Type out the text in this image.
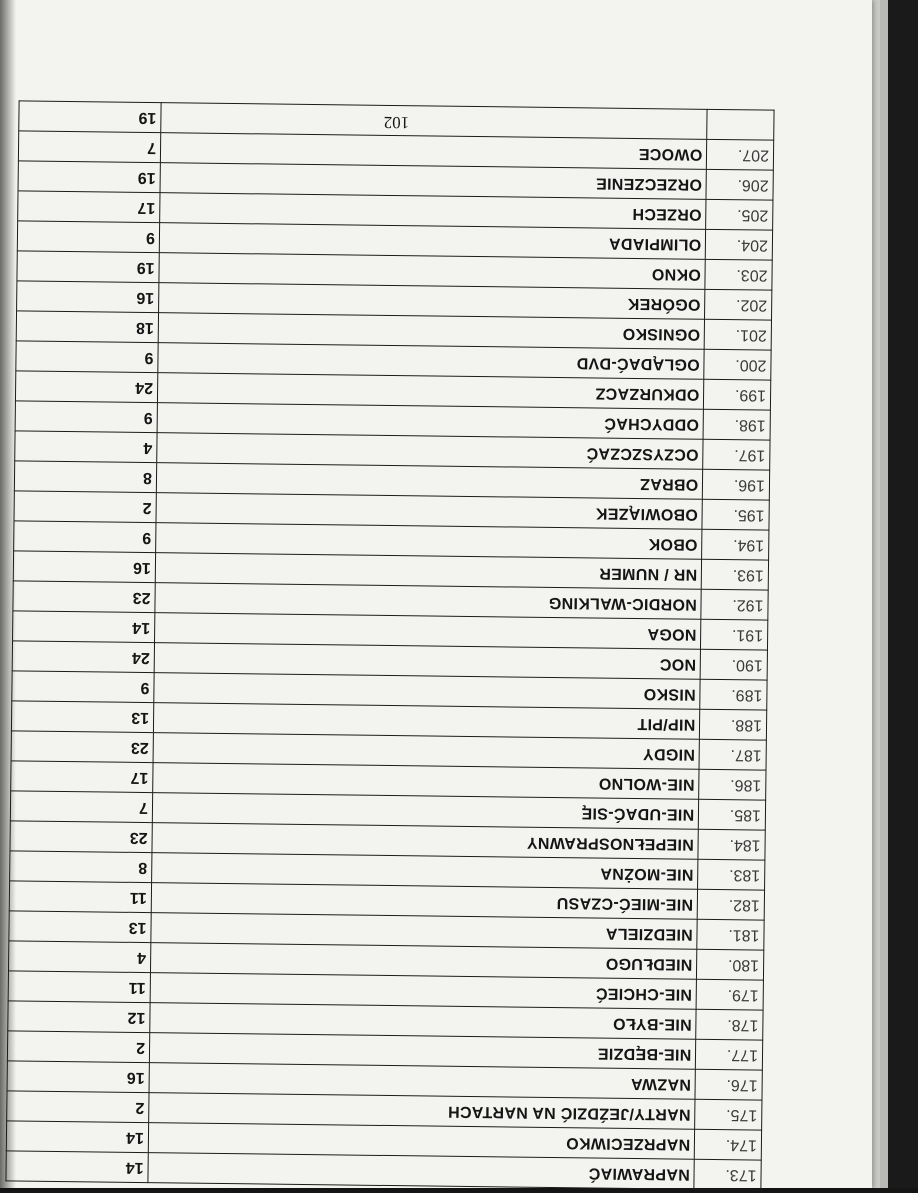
173.	NAPRAWIAĆ	14
174.	NAPRZECIWKO	14
175.	NARTY/JEŹDZIĆ NA NARTACH	2
176.	NAZWA	16
177.	NIE-BĘDZIE	2
178.	NIE-BYŁO	12
179.	NIE-CHCIEĆ	11
180.	NIEDŁUGO	4
181.	NIEDZIELA	13
182.	NIE-MIEĆ-CZASU	11
183.	NIE-MOŻNA	8
184.	NIEPEŁNOSPRAWNY	23
185.	NIE-UDAĆ-SIĘ	7
186.	NIE-WOLNO	17
187.	NIGDY	23
188.	NIP/PIT	13
189.	NISKO	9
190.	NOC	24
191.	NOGA	14
192.	NORDIC-WALKING	23
193.	NR / NUMER	16
194.	OBOK	9
195.	OBOWIĄZEK	2
196.	OBRAZ	8
197.	OCZYSZCZAĆ	4
198.	ODDYCHAĆ	9
199.	ODKURZACZ	24
200.	OGLĄDAĆ-DVD	9
201.	OGNISKO	18
202.	OGÓREK	16
203.	OKNO	19
204.	OLIMPIADA	9
205.	ORZECH	17
206.	ORZECZENIE	19
207.	OWOCE	7
		19	102
